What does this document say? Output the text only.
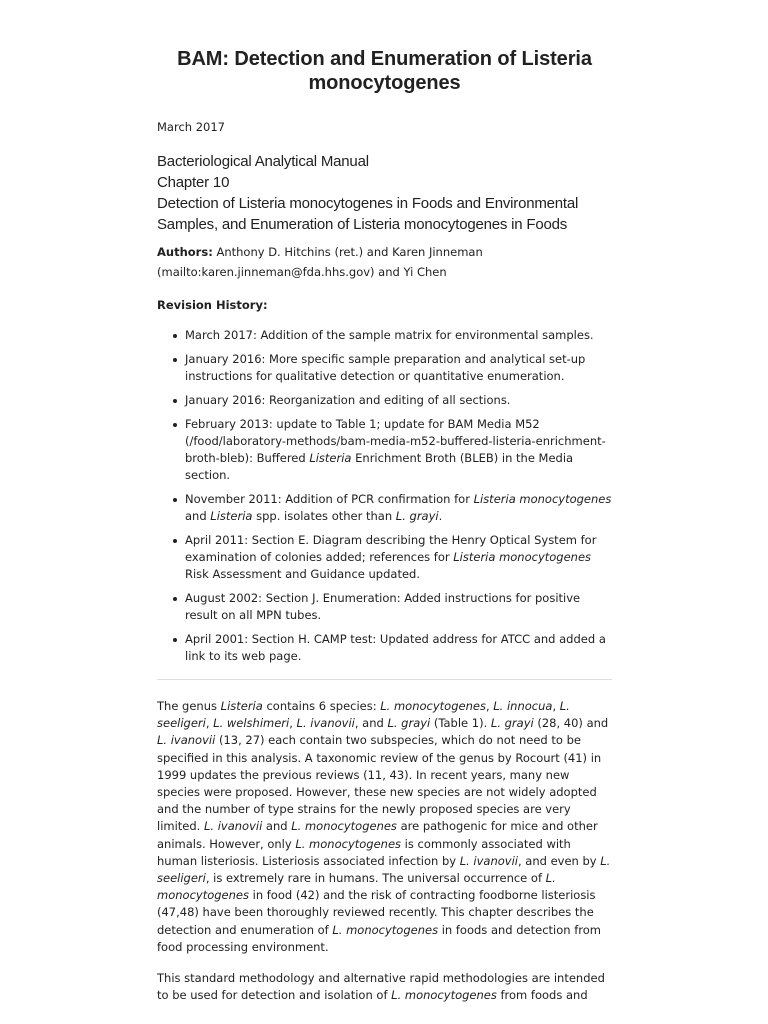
BAM: Detection and Enumeration of Listeria monocytogenes
March 2017
Bacteriological Analytical Manual
Chapter 10
Detection of Listeria monocytogenes in Foods and Environmental Samples, and Enumeration of Listeria monocytogenes in Foods
Authors: Anthony D. Hitchins (ret.) and Karen Jinneman (mailto:karen.jinneman@fda.hhs.gov) and Yi Chen
Revision History:
March 2017: Addition of the sample matrix for environmental samples.
January 2016: More specific sample preparation and analytical set-up instructions for qualitative detection or quantitative enumeration.
January 2016: Reorganization and editing of all sections.
February 2013: update to Table 1; update for BAM Media M52 (/food/laboratory-methods/bam-media-m52-buffered-listeria-enrichment-broth-bleb): Buffered Listeria Enrichment Broth (BLEB) in the Media section.
November 2011: Addition of PCR confirmation for Listeria monocytogenes and Listeria spp. isolates other than L. grayi.
April 2011: Section E. Diagram describing the Henry Optical System for examination of colonies added; references for Listeria monocytogenes Risk Assessment and Guidance updated.
August 2002: Section J. Enumeration: Added instructions for positive result on all MPN tubes.
April 2001: Section H. CAMP test: Updated address for ATCC and added a link to its web page.

The genus Listeria contains 6 species: L. monocytogenes, L. innocua, L. seeligeri, L. welshimeri, L. ivanovii, and L. grayi (Table 1). L. grayi (28, 40) and L. ivanovii (13, 27) each contain two subspecies, which do not need to be specified in this analysis. A taxonomic review of the genus by Rocourt (41) in 1999 updates the previous reviews (11, 43). In recent years, many new species were proposed. However, these new species are not widely adopted and the number of type strains for the newly proposed species are very limited. L. ivanovii and L. monocytogenes are pathogenic for mice and other animals. However, only L. monocytogenes is commonly associated with human listeriosis. Listeriosis associated infection by L. ivanovii, and even by L. seeligeri, is extremely rare in humans. The universal occurrence of L. monocytogenes in food (42) and the risk of contracting foodborne listeriosis (47,48) have been thoroughly reviewed recently. This chapter describes the detection and enumeration of L. monocytogenes in foods and detection from food processing environment.

This standard methodology and alternative rapid methodologies are intended to be used for detection and isolation of L. monocytogenes from foods and
